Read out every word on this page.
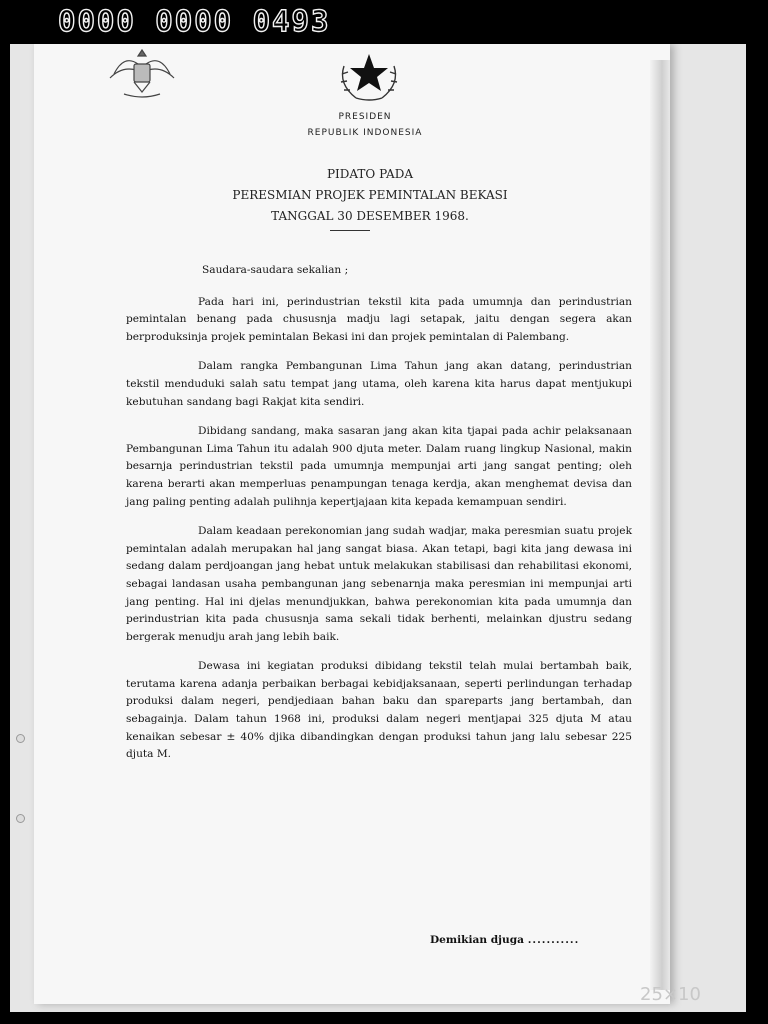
0000 0000 0493
PRESIDEN
REPUBLIK INDONESIA
PIDATO PADA
PERESMIAN PROJEK PEMINTALAN BEKASI
TANGGAL 30 DESEMBER 1968.

Saudara-saudara sekalian ;

Pada hari ini, perindustrian tekstil kita pada umumnja dan perindustrian pemintalan benang pada chususnja madju lagi setapak, jaitu dengan segera akan berproduksinja projek pemintalan Bekasi ini dan projek pemintalan di Palembang.

Dalam rangka Pembangunan Lima Tahun jang akan datang, perindustrian tekstil menduduki salah satu tempat jang utama, oleh karena kita harus dapat mentjukupi kebutuhan sandang bagi Rakjat kita sendiri.

Dibidang sandang, maka sasaran jang akan kita tjapai pada achir pelaksanaan Pembangunan Lima Tahun itu adalah 900 djuta meter. Dalam ruang lingkup Nasional, makin besarnja perindustrian tekstil pada umumnja mempunjai arti jang sangat penting; oleh karena berarti akan memperluas penampungan tenaga kerdja, akan menghemat devisa dan jang paling penting adalah pulihnja kepertjajaan kita kepada kemampuan sendiri.

Dalam keadaan perekonomian jang sudah wadjar, maka peresmian suatu projek pemintalan adalah merupakan hal jang sangat biasa. Akan tetapi, bagi kita jang dewasa ini sedang dalam perdjoangan jang hebat untuk melakukan stabilisasi dan rehabilitasi ekonomi, sebagai landasan usaha pembangunan jang sebenarnja maka peresmian ini mempunjai arti jang penting. Hal ini djelas menundjukkan, bahwa perekonomian kita pada umumnja dan perindustrian kita pada chususnja sama sekali tidak berhenti, melainkan djustru sedang bergerak menudju arah jang lebih baik.

Dewasa ini kegiatan produksi dibidang tekstil telah mulai bertambah baik, terutama karena adanja perbaikan berbagai kebidjaksanaan, seperti perlindungan terhadap produksi dalam negeri, pendjediaan bahan baku dan spareparts jang bertambah, dan sebagainja. Dalam tahun 1968 ini, produksi dalam negeri mentjapai 325 djuta M atau kenaikan sebesar ± 40% djika dibandingkan dengan produksi tahun jang lalu sebesar 225 djuta M.

Demikian djuga ...........
25×10
